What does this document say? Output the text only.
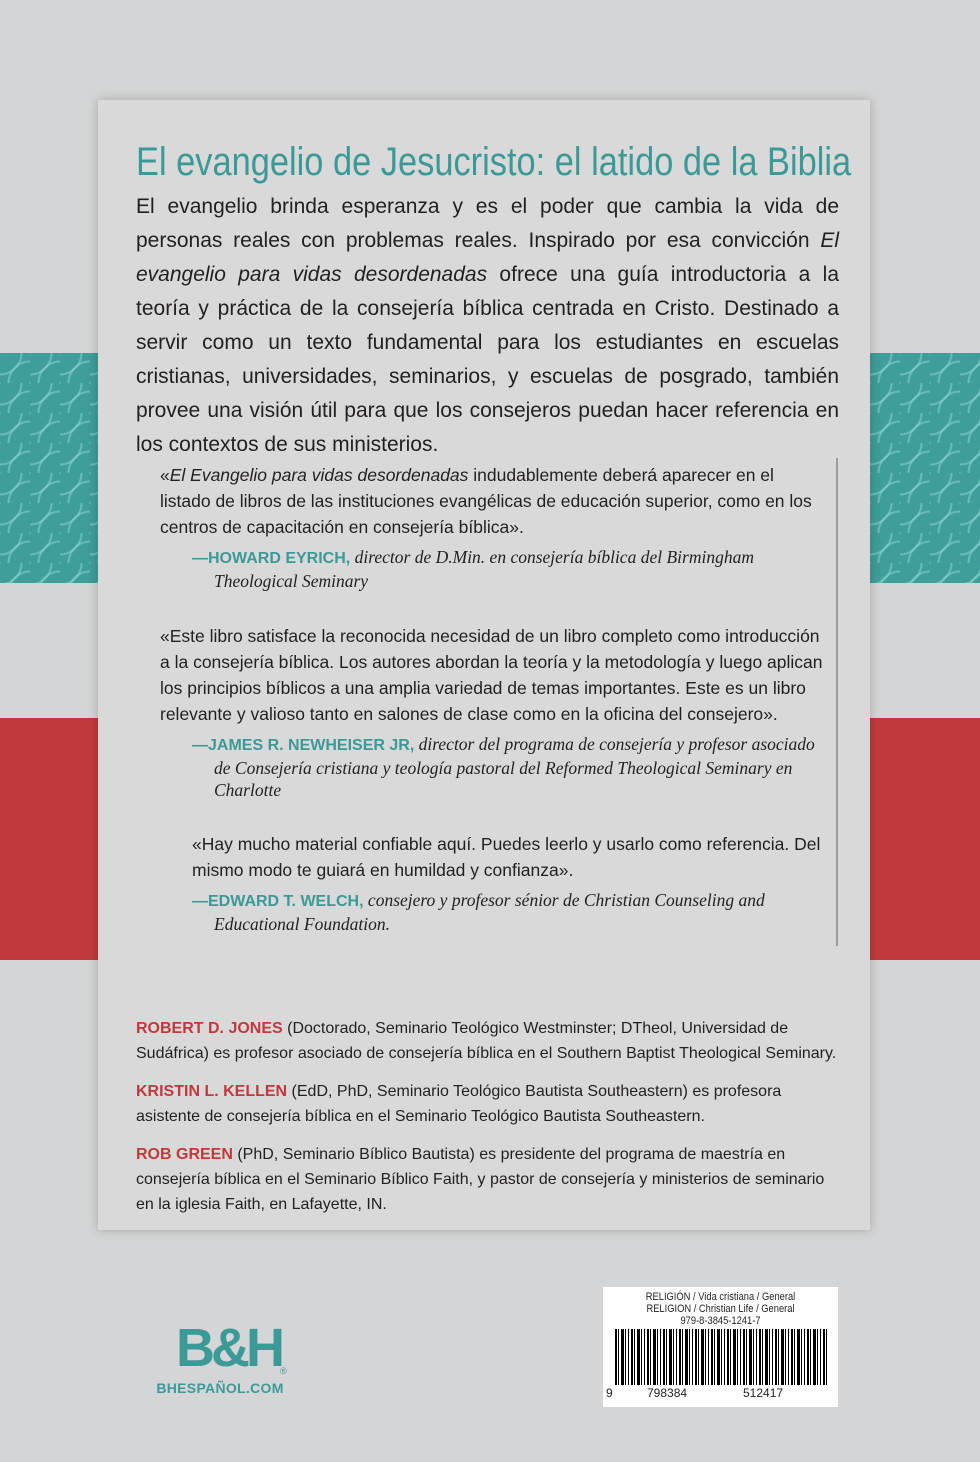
El evangelio de Jesucristo: el latido de la Biblia

El evangelio brinda esperanza y es el poder que cambia la vida de personas reales con problemas reales. Inspirado por esa convicción El evangelio para vidas desordenadas ofrece una guía introductoria a la teoría y práctica de la consejería bíblica centrada en Cristo. Destinado a servir como un texto fundamental para los estudiantes en escuelas cristianas, universidades, seminarios, y escuelas de posgrado, también provee una visión útil para que los consejeros puedan hacer referencia en los contextos de sus ministerios.

«El Evangelio para vidas desordenadas indudablemente deberá aparecer en el listado de libros de las instituciones evangélicas de educación superior, como en los centros de capacitación en consejería bíblica».

—HOWARD EYRICH, director de D.Min. en consejería bíblica del Birmingham Theological Seminary

«Este libro satisface la reconocida necesidad de un libro completo como introducción a la consejería bíblica. Los autores abordan la teoría y la metodología y luego aplican los principios bíblicos a una amplia variedad de temas importantes. Este es un libro relevante y valioso tanto en salones de clase como en la oficina del consejero».

—JAMES R. NEWHEISER JR, director del programa de consejería y profesor asociado de Consejería cristiana y teología pastoral del Reformed Theological Seminary en Charlotte

«Hay mucho material confiable aquí. Puedes leerlo y usarlo como referencia. Del mismo modo te guiará en humildad y confianza».

—EDWARD T. WELCH, consejero y profesor sénior de Christian Counseling and Educational Foundation.

ROBERT D. JONES (Doctorado, Seminario Teológico Westminster; DTheol, Universidad de Sudáfrica) es profesor asociado de consejería bíblica en el Southern Baptist Theological Seminary.

KRISTIN L. KELLEN (EdD, PhD, Seminario Teológico Bautista Southeastern) es profesora asistente de consejería bíblica en el Seminario Teológico Bautista Southeastern.

ROB GREEN (PhD, Seminario Bíblico Bautista) es presidente del programa de maestría en consejería bíblica en el Seminario Bíblico Faith, y pastor de consejería y ministerios de seminario en la iglesia Faith, en Lafayette, IN.

B&H ®
BHESPAÑOL.COM

RELIGIÓN / Vida cristiana / General

RELIGION / Christian Life / General

979-8-3845-1241-7

9	798384	512417
